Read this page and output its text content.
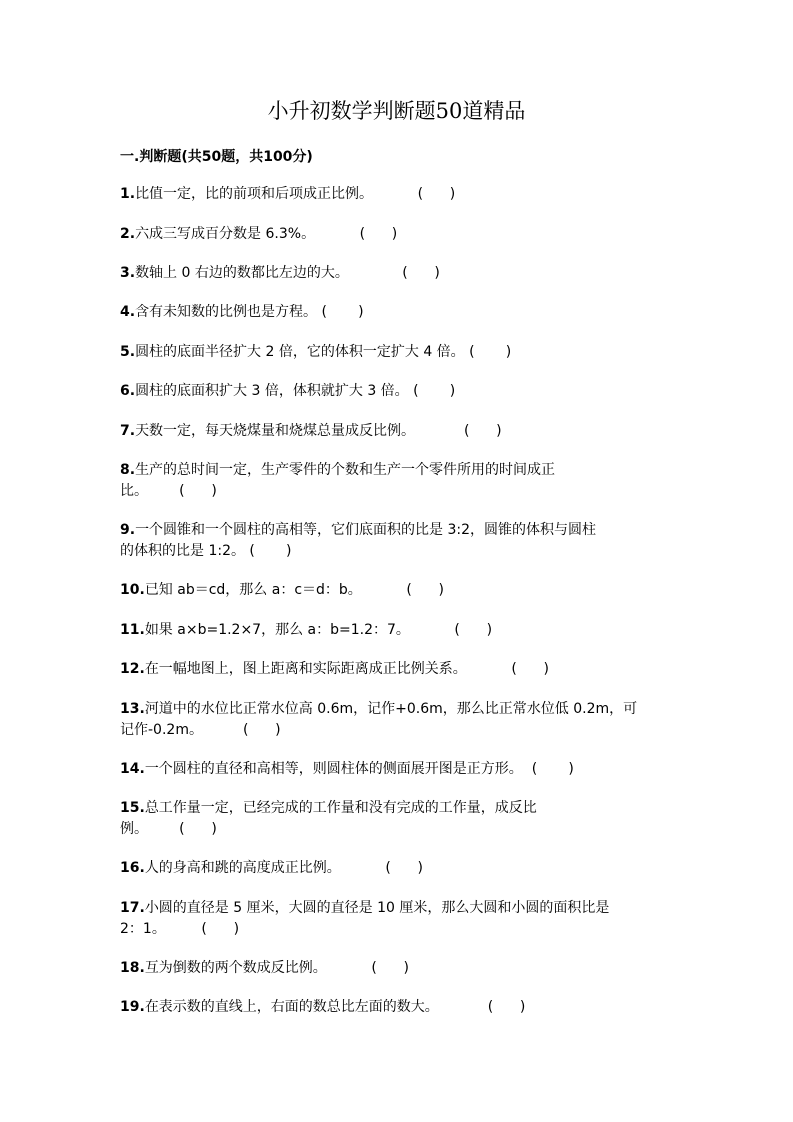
小升初数学判断题50道精品
一.判断题(共50题，共100分)
1.比值一定，比的前项和后项成正比例。          (      )
2.六成三写成百分数是 6.3%。          (      )
3.数轴上 0 右边的数都比左边的大。            (      )
4.含有未知数的比例也是方程。 (       )
5.圆柱的底面半径扩大 2 倍，它的体积一定扩大 4 倍。 (       )
6.圆柱的底面积扩大 3 倍，体积就扩大 3 倍。 (       )
7.天数一定，每天烧煤量和烧煤总量成反比例。           (      )
8.生产的总时间一定，生产零件的个数和生产一个零件所用的时间成正
比。       (      )
9.一个圆锥和一个圆柱的高相等，它们底面积的比是 3:2，圆锥的体积与圆柱
的体积的比是 1:2。 (       )
10.已知 ab＝cd，那么 a：c＝d：b。          (      )
11.如果 a×b=1.2×7，那么 a：b=1.2：7。          (      )
12.在一幅地图上，图上距离和实际距离成正比例关系。          (      )
13.河道中的水位比正常水位高 0.6m，记作+0.6m，那么比正常水位低 0.2m，可
记作-0.2m。         (      )
14.一个圆柱的直径和高相等，则圆柱体的侧面展开图是正方形。  (       )
15.总工作量一定，已经完成的工作量和没有完成的工作量，成反比
例。       (      )
16.人的身高和跳的高度成正比例。          (      )
17.小圆的直径是 5 厘米，大圆的直径是 10 厘米，那么大圆和小圆的面积比是
2：1。        (      )
18.互为倒数的两个数成反比例。          (      )
19.在表示数的直线上，右面的数总比左面的数大。           (      )
